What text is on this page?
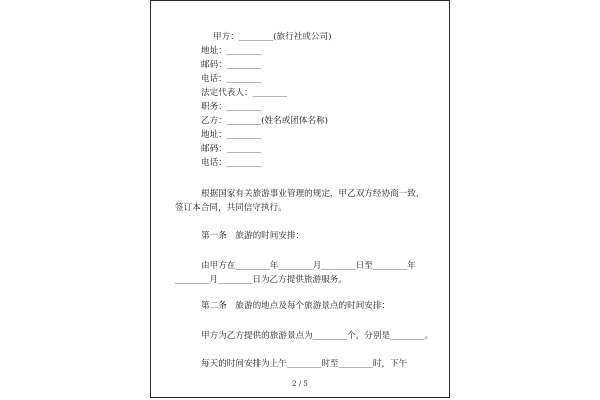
甲方：________(旅行社或公司)
地址：________
邮码：________
电话：________
法定代表人：________
职务：________
乙方：________(姓名或团体名称)
地址：________
邮码：________
电话：________
根据国家有关旅游事业管理的规定，甲乙双方经协商一致，签订本合同，共同信守执行。
第一条　旅游的时间安排：
由甲方在________年________月________日至________年________月________日为乙方提供旅游服务。
第二条　旅游的地点及每个旅游景点的时间安排：
甲方为乙方提供的旅游景点为________个，分别是________。
每天的时间安排为上午________时至________时，下午
2 / 5
